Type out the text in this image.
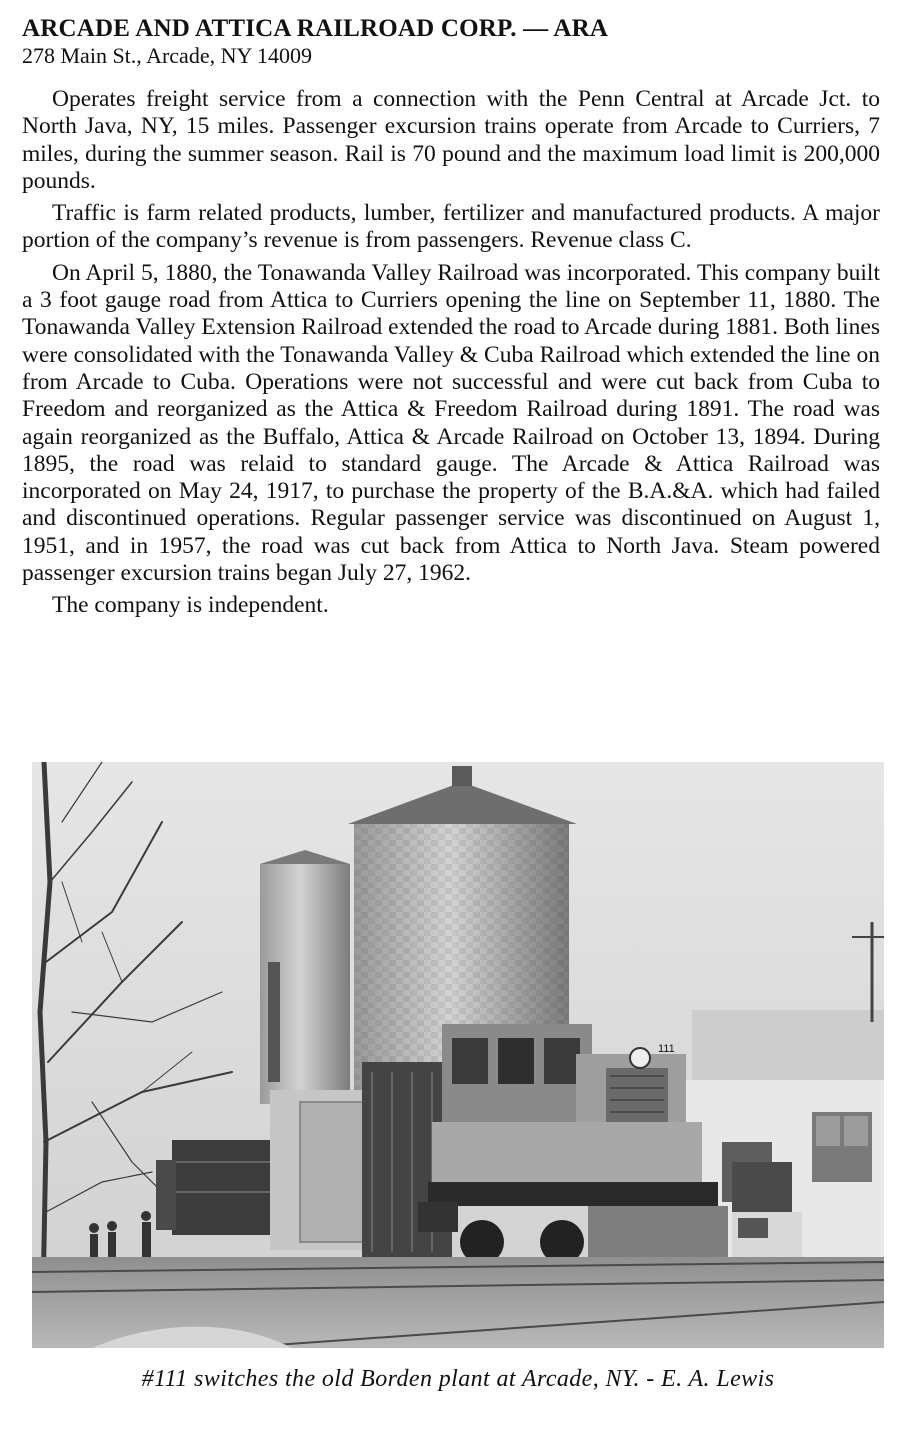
ARCADE AND ATTICA RAILROAD CORP. — ARA
278 Main St., Arcade, NY 14009

Operates freight service from a connection with the Penn Central at Arcade Jct. to North Java, NY, 15 miles. Passenger excursion trains operate from Arcade to Curriers, 7 miles, during the summer season. Rail is 70 pound and the maximum load limit is 200,000 pounds.

Traffic is farm related products, lumber, fertilizer and manufactured products. A major portion of the company’s revenue is from passengers. Revenue class C.

On April 5, 1880, the Tonawanda Valley Railroad was incorporated. This company built a 3 foot gauge road from Attica to Curriers opening the line on September 11, 1880. The Tonawanda Valley Extension Railroad extended the road to Arcade during 1881. Both lines were consolidated with the Tonawanda Valley & Cuba Railroad which extended the line on from Arcade to Cuba. Operations were not successful and were cut back from Cuba to Freedom and reorganized as the Attica & Freedom Railroad during 1891. The road was again reorganized as the Buffalo, Attica & Arcade Railroad on October 13, 1894. During 1895, the road was relaid to standard gauge. The Arcade & Attica Railroad was incorporated on May 24, 1917, to purchase the property of the B.A.&A. which had failed and discontinued operations. Regular passenger service was discontinued on August 1, 1951, and in 1957, the road was cut back from Attica to North Java. Steam powered passenger excursion trains began July 27, 1962.

The company is independent.

111
#111 switches the old Borden plant at Arcade, NY. - E. A. Lewis
